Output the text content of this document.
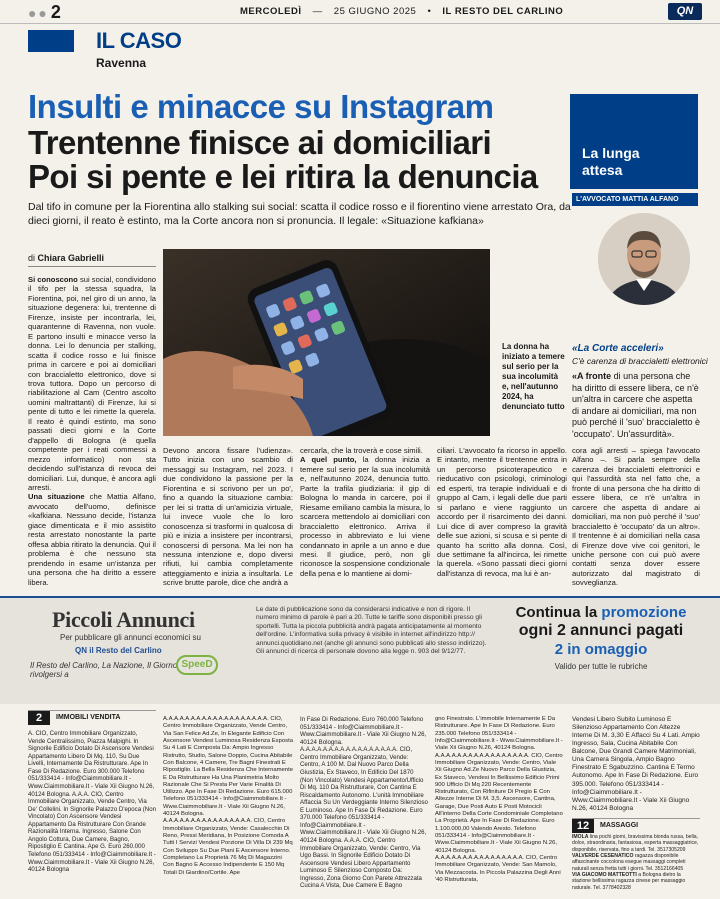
● ● 2	MERCOLEDÌ — 25 GIUGNO 2025 • IL RESTO DEL CARLINO	QN
IL CASO
Ravenna
Insulti e minacce su Instagram
Trentenne finisce ai domiciliari
Poi si pente e lei ritira la denuncia
Dal tifo in comune per la Fiorentina allo stalking sui social: scatta il codice rosso e il fiorentino viene arrestato Ora, da dieci giorni, il reato è estinto, ma la Corte ancora non si pronuncia. Il legale: «Situazione kafkiana»
La lunga attesa
L'AVVOCATO MATTIA ALFANO
«La Corte acceleri»
C'è carenza di braccialetti elettronici
«A fronte di una persona che ha diritto di essere libera, ce n'è un'altra in carcere che aspetta di andare ai domiciliari, ma non può perché il 'suo' braccialetto è 'occupato'. Un'assurdità».
di Chiara Gabrielli
La donna ha iniziato a temere sul serio per la sua incolumità e, nell'autunno 2024, ha denunciato tutto
Si conoscono sui social, condividono il tifo per la stessa squadra, la Fiorentina, poi, nel giro di un anno, la situazione degenera: lui, trentenne di Firenze, insiste per incontrarla, lei, quarantenne di Ravenna, non vuole. E partono insulti e minacce verso la donna. Lei lo denuncia per stalking, scatta il codice rosso e lui finisce prima in carcere e poi ai domiciliari con braccialetto elettronico, dove si trova tuttora. Dopo un percorso di riabilitazione al Cam (Centro ascolto uomini maltrattanti) di Firenze, lui si pente di tutto e lei rimette la querela. Il reato è quindi estinto, ma sono passati dieci giorni e la Corte d'appello di Bologna (è quella competente per i reati commessi a mezzo informatico) non sta decidendo sull'istanza di revoca dei domiciliari. Lui, dunque, è ancora agli arresti.
Una situazione che Mattia Alfano, avvocato dell'uomo, definisce «kafkiana. Nessuno decide, l'istanza giace dimenticata e il mio assistito resta arrestato nonostante la parte offesa abbia ritirato la denuncia. Qui il problema è che nessuno sta prendendo in esame un'istanza per una persona che ha diritto a essere libera.
Devono ancora fissare l'udienza». Tutto inizia con uno scambio di messaggi su Instagram, nel 2023. I due condividono la passione per la Fiorentina e si scrivono per un po', fino a quando la situazione cambia: per lei si tratta di un'amicizia virtuale, lui invece vuole che lo loro conoscenza si trasformi in qualcosa di più e inizia a insistere per incontrarsi, conoscersi di persona. Ma lei non ha nessuna intenzione e, dopo diversi rifiuti, lui cambia completamente atteggiamento e inizia a insultarla. Le scrive brutte parole, dice che andrà a
cercarla, che la troverà e cose simili.
A quel punto, la donna inizia a temere sul serio per la sua incolumità e, nell'autunno 2024, denuncia tutto. Parte la trafila giudiziaria: il gip di Bologna lo manda in carcere, poi il Riesame emiliano cambia la misura, lo scarcera mettendolo ai domiciliari con braccialetto elettronico. Arriva il processo in abbreviato e lui viene condannato in aprile a un anno e due mesi. Il giudice, però, non gli riconosce la sospensione condizionale della pena e lo mantiene ai domi-
ciliari. L'avvocato fa ricorso in appello. E intanto, mentre il trentenne entra in un percorso psicoterapeutico e rieducativo con psicologi, criminologi ed esperti, tra terapie individuali e di gruppo al Cam, i legali delle due parti si parlano e viene raggiunto un accordo per il risarcimento dei danni. Lui dice di aver compreso la gravità delle sue azioni, si scusa e si pente di quanto ha scritto alla donna. Così, due settimane fa all'incirca, lei rimette la querela. «Sono passati dieci giorni dall'istanza di revoca, ma lui è an-
cora agli arresti – spiega l'avvocato Alfano –. Si parla sempre della carenza dei braccialetti elettronici e qui l'assurdità sta nel fatto che, a fronte di una persona che ha diritto di essere libera, ce n'è un'altra in carcere che aspetta di andare ai domiciliari, ma non può perché il 'suo' braccialetto è 'occupato' da un altro». Il trentenne è ai domiciliari nella casa di Firenze dove vive coi genitori, le uniche persone con cui può avere contatti senza dover essere autorizzato dal magistrato di sovveglianza.
Piccoli Annunci
Per pubblicare gli annunci economici su
QN il Resto del Carlino
Il Resto del Carlino, La Nazione, Il Giorno rivolgersi a
SpeeD
Le date di pubblicazione sono da considerarsi indicative e non di rigore. Il numero minimo di parole è pari a 20. Tutte le tariffe sono disponibili presso gli sportelli. Tutta la piccola pubblicità andrà pagata anticipatamente al momento dell'ordine. L'informativa sulla privacy è visibile in internet all'indirizzo http:// annunci.quotidiano.net (anche gli annunci sono pubblicati allo stesso indirizzo). Gli annunci di ricerca di personale dovono alla legge n. 903 del 9/12/77.
Continua la promozione
ogni 2 annunci pagati
2 in omaggio
Valido per tutte le rubriche
2 IMMOBILI VENDITA
A. CIO, Centro Immobiliare Organizzato, Vende Centralissimo, Piazza Malpighi. In Signorile Edificio Dotato Di Ascensore Vendesi Appartamento Libero Di Mq. 110, Su Due Livelli, Internamente Da Ristrutturare. Ape In Fase Di Redazione. Euro 300.000 Telefono 051/333414 - Info@Ciaimmobiliare.It - Www.Ciaimmobiliare.It - Viale Xii Giugno N.26, 40124 Bologna. A.A.A. CIO, Centro Immobiliare Organizzato, Vende Centro, Via De' Collelini. In Signorile Palazzo D'epoca (Non Vincolato) Con Ascensore Vendesi Appartamento Da Ristrutturare Con Grande Razionalità Interna. Ingresso, Salone Con Angolo Cottura, Due Camere, Bagno, Ripostiglio E Cantina. Ape G. Euro 260.000 Telefono 051/333414 - Info@Ciaimmobiliare.It - Www.Ciaimmobiliare.It - Viale Xii Giugno N.26, 40124 Bologna
A.A.A.A.A.A.A.A.A.A.A.A.A.A.A.A.A.A.A. CIO, Centro Immobiliare Organizzato, Vende Centro, Via San Felice Ad.Ze, In Elegante Edificio Con Ascensore Vendesi Luminosa Residenza Esposta Su 4 Lati E Composta Da: Ampio Ingresso Ristrutto, Studio, Salone Doppio, Cucina Abitabile Con Balcone, 4 Camere, Tre Bagni Finestrati E Ripostiglio. La Bella Residenza Che Internamente E Da Ristrutturare Ha Una Planimetria Molto Razionale Che Si Presta Per Varie Finalità Di Utilizzo. Ape In Fase Di Redazione. Euro 615.000 Telefono 051/333414 - Info@Ciaimmobiliare.It - Www.Ciaimmobiliare.It - Viale Xii Giugno N.26, 40124 Bologna. A.A.A.A.A.A.A.A.A.A.A.A.A.A.A.A. CIO, Centro Immobiliare Organizzato, Vende: Casalecchio Di Reno, Pressi Meridiana, In Posizione Comoda A Tutti I Servizi Vendesi Porzione Di Villa Di 239 Mq Con Sviluppo Su Due Piani E Ascensore Interno. Completano La Proprietà 76 Mq Di Magazzini Con Bagno E Accesso Indipendente E 150 Mq Totali Di Giardino/Cortile. Ape
In Fase Di Redazione. Euro 760.000 Telefono 051/333414 - Info@Ciaimmobiliare.It - Www.Ciaimmobiliare.It - Viale Xii Giugno N.26, 40124 Bologna. A.A.A.A.A.A.A.A.A.A.A.A.A.A.A.A.A. CIO, Centro Immobiliare Organizzato, Vende: Centro, A 100 M. Dal Nuovo Parco Della Giustizia, Ex Staveco, In Edificio Del 1870 (Non Vincolato) Vendesi Appartamento/Ufficio Di Mq. 110 Da Ristrutturare, Con Cantina E Riscaldamento Autonomo. L'unità Immobiliare Affaccia Su Un Verdeggiante Interno Silenzioso E Luminoso. Ape In Fase Di Redazione. Euro 370.000 Telefono 051/333414 - Info@Ciaimmobiliare.It - Www.Ciaimmobiliare.It - Viale Xii Giugno N.26, 40124 Bologna. A.A.A. CIO, Centro Immobiliare Organizzato, Vende: Centro, Via Ugo Bassi. In Signorile Edificio Dotato Di Ascensore Vendesi Libero Appartamento Luminoso E Silenzioso Composto Da: Ingresso, Zona Giorno Con Parete Attrezzata Cucina A Vista, Due Camere E Bagno
gno Finestrato. L'immobile Internamente E Da Ristrutturare. Ape In Fase Di Redazione. Euro 235.000 Telefono 051/333414 - Info@Ciaimmobiliare.It - Www.Ciaimmobiliare.It - Viale Xii Giugno N.26, 40124 Bologna. A.A.A.A.A.A.A.A.A.A.A.A.A.A.A.A.A. CIO, Centro Immobiliare Organizzato, Vende: Centro, Viale Xii Giugno Ad.Ze Nuovo Parco Della Giustizia, Ex Staveco, Vendesi In Bellissimo Edificio Primi 900 Ufficio Di Mq 220 Recentemente Ristrutturato, Con Rifiniture Di Pregio E Con Altezze Interne Di M. 3,5. Ascensore, Cantina, Garage, Due Posti Auto E Posti Motocicli All'interno Della Corte Condominiale Completano La Proprietà. Ape In Fase Di Redazione. Euro 1.100.000,00 Valendo Aresto. Telefono 051/333414 - Info@Ciaimmobiliare.It - Www.Ciaimmobiliare.It - Viale Xii Giugno N.26, 40124 Bologna. A.A.A.A.A.A.A.A.A.A.A.A.A.A.A.A. CIO, Centro Immobiliare Organizzato, Vende: San Mamolo, Via Mezzacosta. In Piccola Palazzina Degli Anni '40 Ristrutturata,
Vendesi Libero Subito Luminoso E Silenzioso Appartamento Con Altezze Interne Di M. 3,30 E Affacci Su 4 Lati. Ampio Ingresso, Sala, Cucina Abitabile Con Balcone, Due Grandi Camere Matrimoniali, Una Camera Singola, Ampio Bagno Finestrato E Sgabuzzino. Cantina E Termo Autonomo. Ape In Fase Di Redazione. Euro 395.000. Telefono 051/333414 - Info@Ciaimmobiliare.It - Www.Ciaimmobiliare.It - Viale Xii Giugno N.26, 40124 Bologna
12 MASSAGGI
IMOLA lina pochi giorni, bravissima bionda russa, bella, dolce, straordinaria, fantasiosa, esperta massaggiatrice, disponibile, riservata, fino a tardi. Tel. 3517305209
VALVERDE CESENATICO ragazza disponibile affascinante coccolona esegue massaggi completi naturali senza fretta tutti i giorni. Tel. 3512166405
VIA GIACOMO MATTEOTTI a Bologna dietro la stazione bellissima ragazza cinese per massaggio naturale. Tel. 3778402328
